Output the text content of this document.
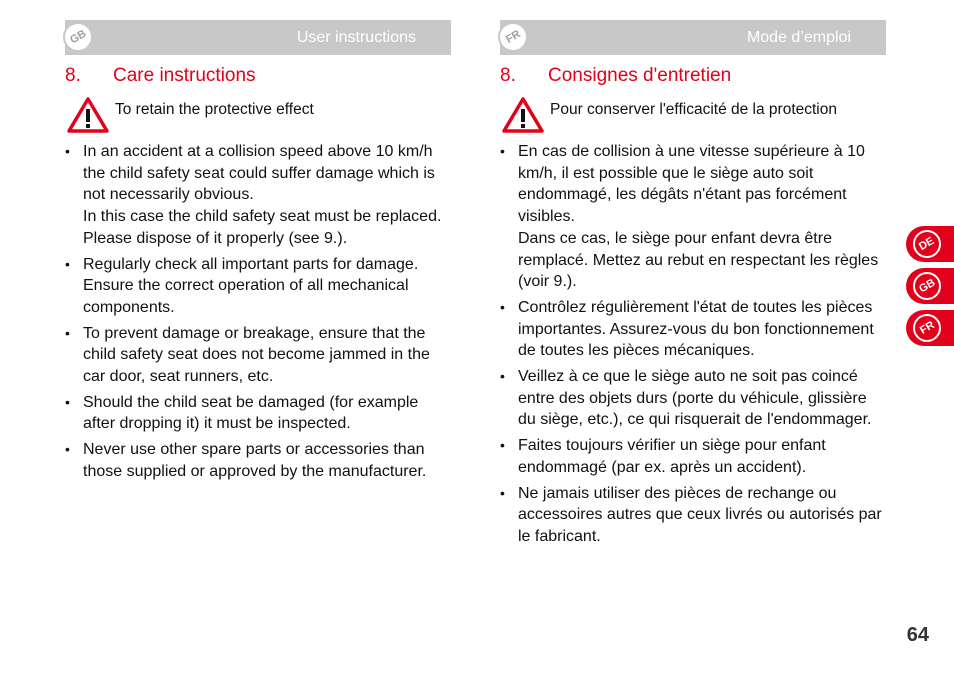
GB	User instructions
8.	Care instructions
To retain the protective effect
• In an accident at a collision speed above 10 km/h the child safety seat could suffer damage which is not necessarily obvious.
In this case the child safety seat must be replaced. Please dispose of it properly (see 9.).
• Regularly check all important parts for damage. Ensure the correct operation of all mechanical components.
• To prevent damage or breakage, ensure that the child safety seat does not become jammed in the car door, seat runners, etc.
• Should the child seat be damaged (for example after dropping it) it must be inspected.
• Never use other spare parts or accessories than those supplied or approved by the manufacturer.
FR	Mode d’emploi
8.	Consignes d'entretien
Pour conserver l'efficacité de la protection
• En cas de collision à une vitesse supérieure à 10 km/h, il est possible que le siège auto soit endommagé, les dégâts n'étant pas forcément visibles.
Dans ce cas, le siège pour enfant devra être remplacé. Mettez au rebut en respectant les règles (voir 9.).
• Contrôlez régulièrement l'état de toutes les pièces importantes. Assurez-vous du bon fonctionnement de toutes les pièces mécaniques.
• Veillez à ce que le siège auto ne soit pas coincé entre des objets durs (porte du véhicule, glissière du siège, etc.), ce qui risquerait de l'endommager.
• Faites toujours vérifier un siège pour enfant endommagé (par ex. après un accident).
• Ne jamais utiliser des pièces de rechange ou accessoires autres que ceux livrés ou autorisés par le fabricant.
DE
GB
FR
64
